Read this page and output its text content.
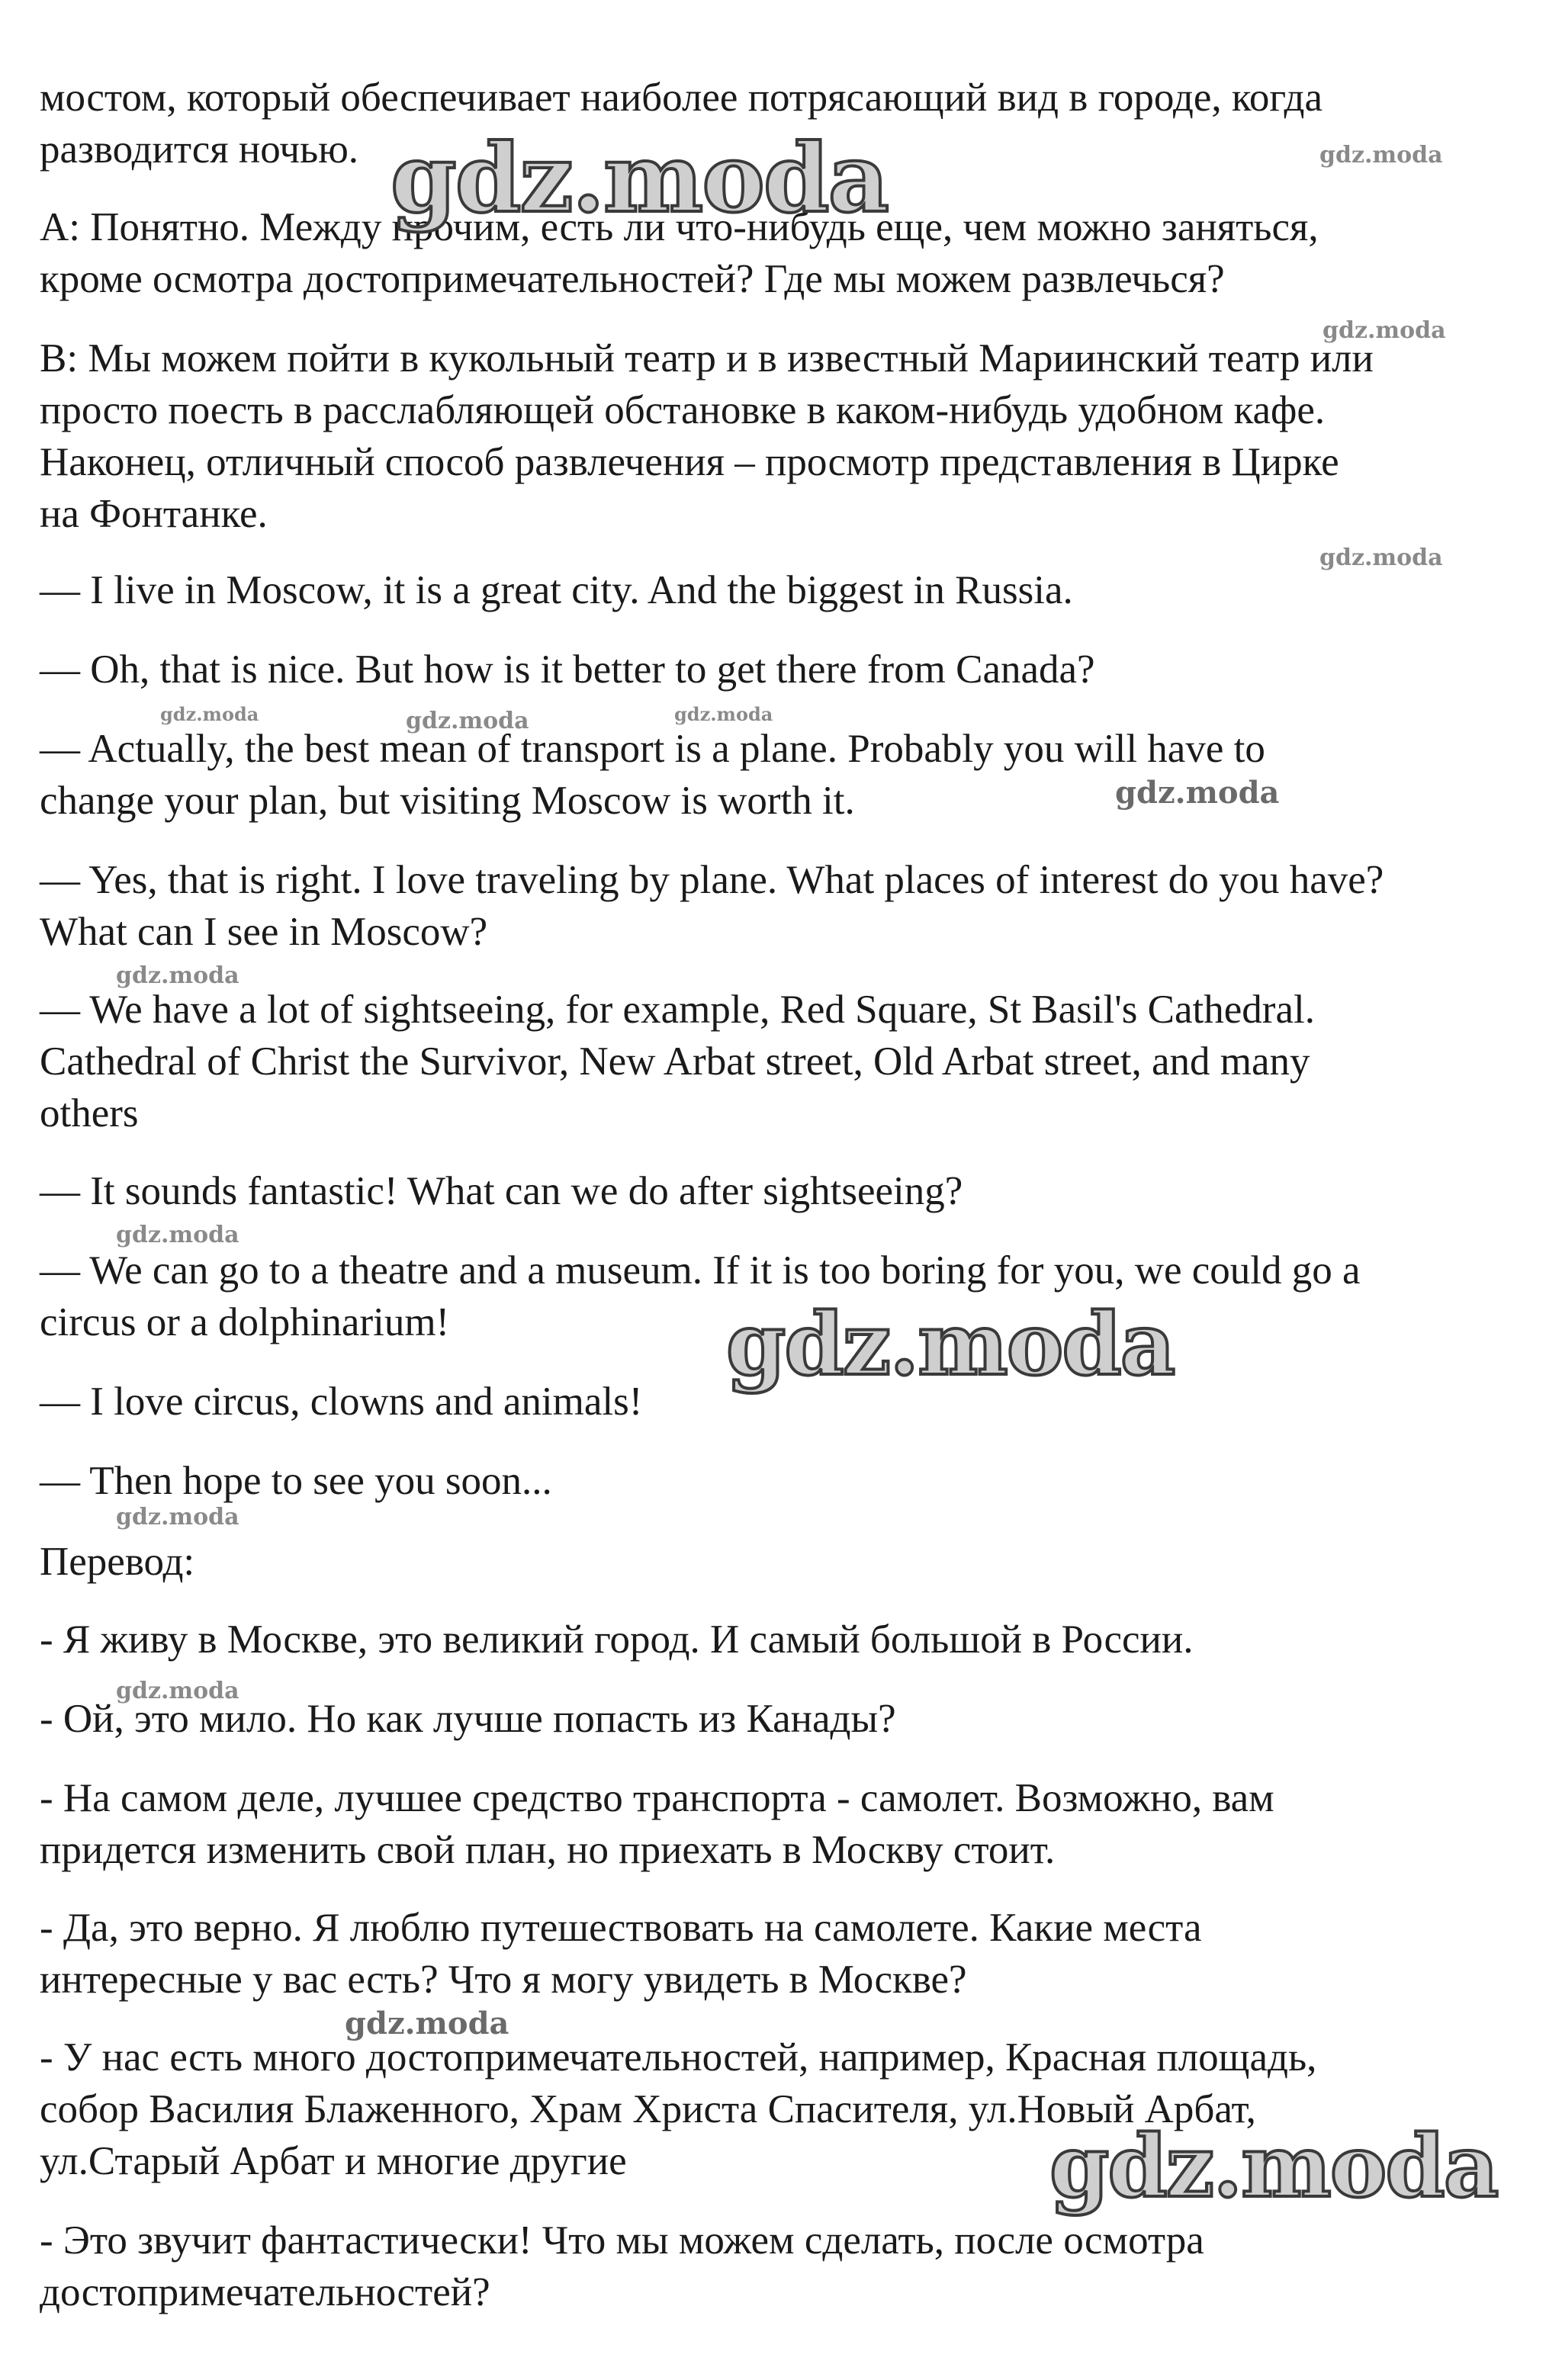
мостом, который обеспечивает наиболее потрясающий вид в городе, когда
разводится ночью.

А: Понятно. Между прочим, есть ли что-нибудь еще, чем можно заняться,
кроме осмотра достопримечательностей? Где мы можем развлечься?

В: Мы можем пойти в кукольный театр и в известный Мариинский театр или
просто поесть в расслабляющей обстановке в каком-нибудь удобном кафе.
Наконец, отличный способ развлечения – просмотр представления в Цирке
на Фонтанке.

— I live in Moscow, it is a great city. And the biggest in Russia.

— Oh, that is nice. But how is it better to get there from Canada?

— Actually, the best mean of transport is a plane. Probably you will have to
change your plan, but visiting Moscow is worth it.

— Yes, that is right. I love traveling by plane. What places of interest do you have?
What can I see in Moscow?

— We have a lot of sightseeing, for example, Red Square, St Basil's Cathedral.
Cathedral of Christ the Survivor, New Arbat street, Old Arbat street, and many
others

— It sounds fantastic! What can we do after sightseeing?

— We can go to a theatre and a museum. If it is too boring for you, we could go a
circus or a dolphinarium!

— I love circus, clowns and animals!

— Then hope to see you soon...

Перевод:

- Я живу в Москве, это великий город. И самый большой в России.

- Ой, это мило. Но как лучше попасть из Канады?

- На самом деле, лучшее средство транспорта - самолет. Возможно, вам
придется изменить свой план, но приехать в Москву стоит.

- Да, это верно. Я люблю путешествовать на самолете. Какие места
интересные у вас есть? Что я могу увидеть в Москве?

- У нас есть много достопримечательностей, например, Красная площадь,
собор Василия Блаженного, Храм Христа Спасителя, ул.Новый Арбат,
ул.Старый Арбат и многие другие

- Это звучит фантастически! Что мы можем сделать, после осмотра
достопримечательностей?

gdz.moda	gdz.moda
gdz.moda
gdz.moda
gdz.moda	gdz.moda	gdz.moda
gdz.moda
gdz.moda
gdz.moda
gdz.moda
gdz.moda
gdz.moda
gdz.moda
gdz.moda
